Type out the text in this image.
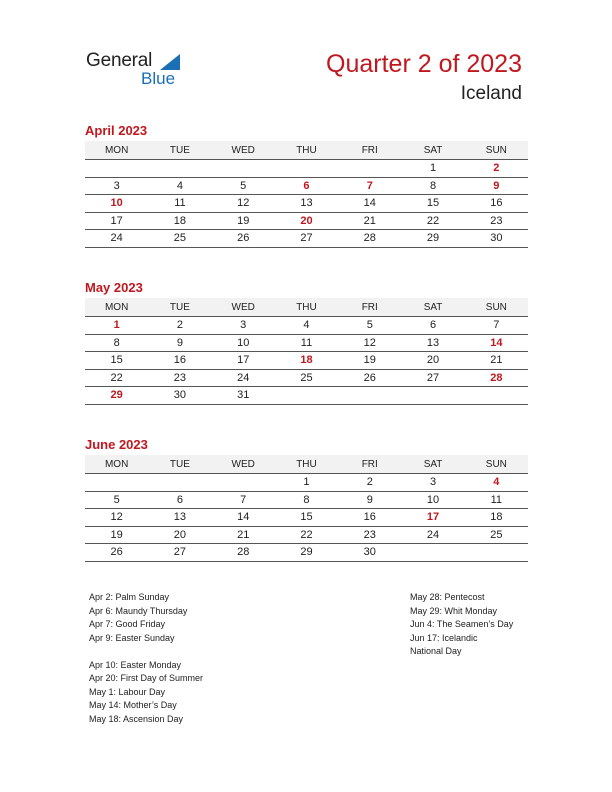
General
Blue
Quarter 2 of 2023
Iceland
April 2023
MON	TUE	WED	THU	FRI	SAT	SUN
					1	2
3	4	5	6	7	8	9
10	11	12	13	14	15	16
17	18	19	20	21	22	23
24	25	26	27	28	29	30
May 2023
MON	TUE	WED	THU	FRI	SAT	SUN
1	2	3	4	5	6	7
8	9	10	11	12	13	14
15	16	17	18	19	20	21
22	23	24	25	26	27	28
29	30	31				
June 2023
MON	TUE	WED	THU	FRI	SAT	SUN
			1	2	3	4
5	6	7	8	9	10	11
12	13	14	15	16	17	18
19	20	21	22	23	24	25
26	27	28	29	30		
Apr 2: Palm Sunday
Apr 6: Maundy Thursday
Apr 7: Good Friday
Apr 9: Easter Sunday
Apr 10: Easter Monday
Apr 20: First Day of Summer
May 1: Labour Day
May 14: Mother’s Day
May 18: Ascension Day
May 28: Pentecost
May 29: Whit Monday
Jun 4: The Seamen’s Day
Jun 17: Icelandic
National Day
